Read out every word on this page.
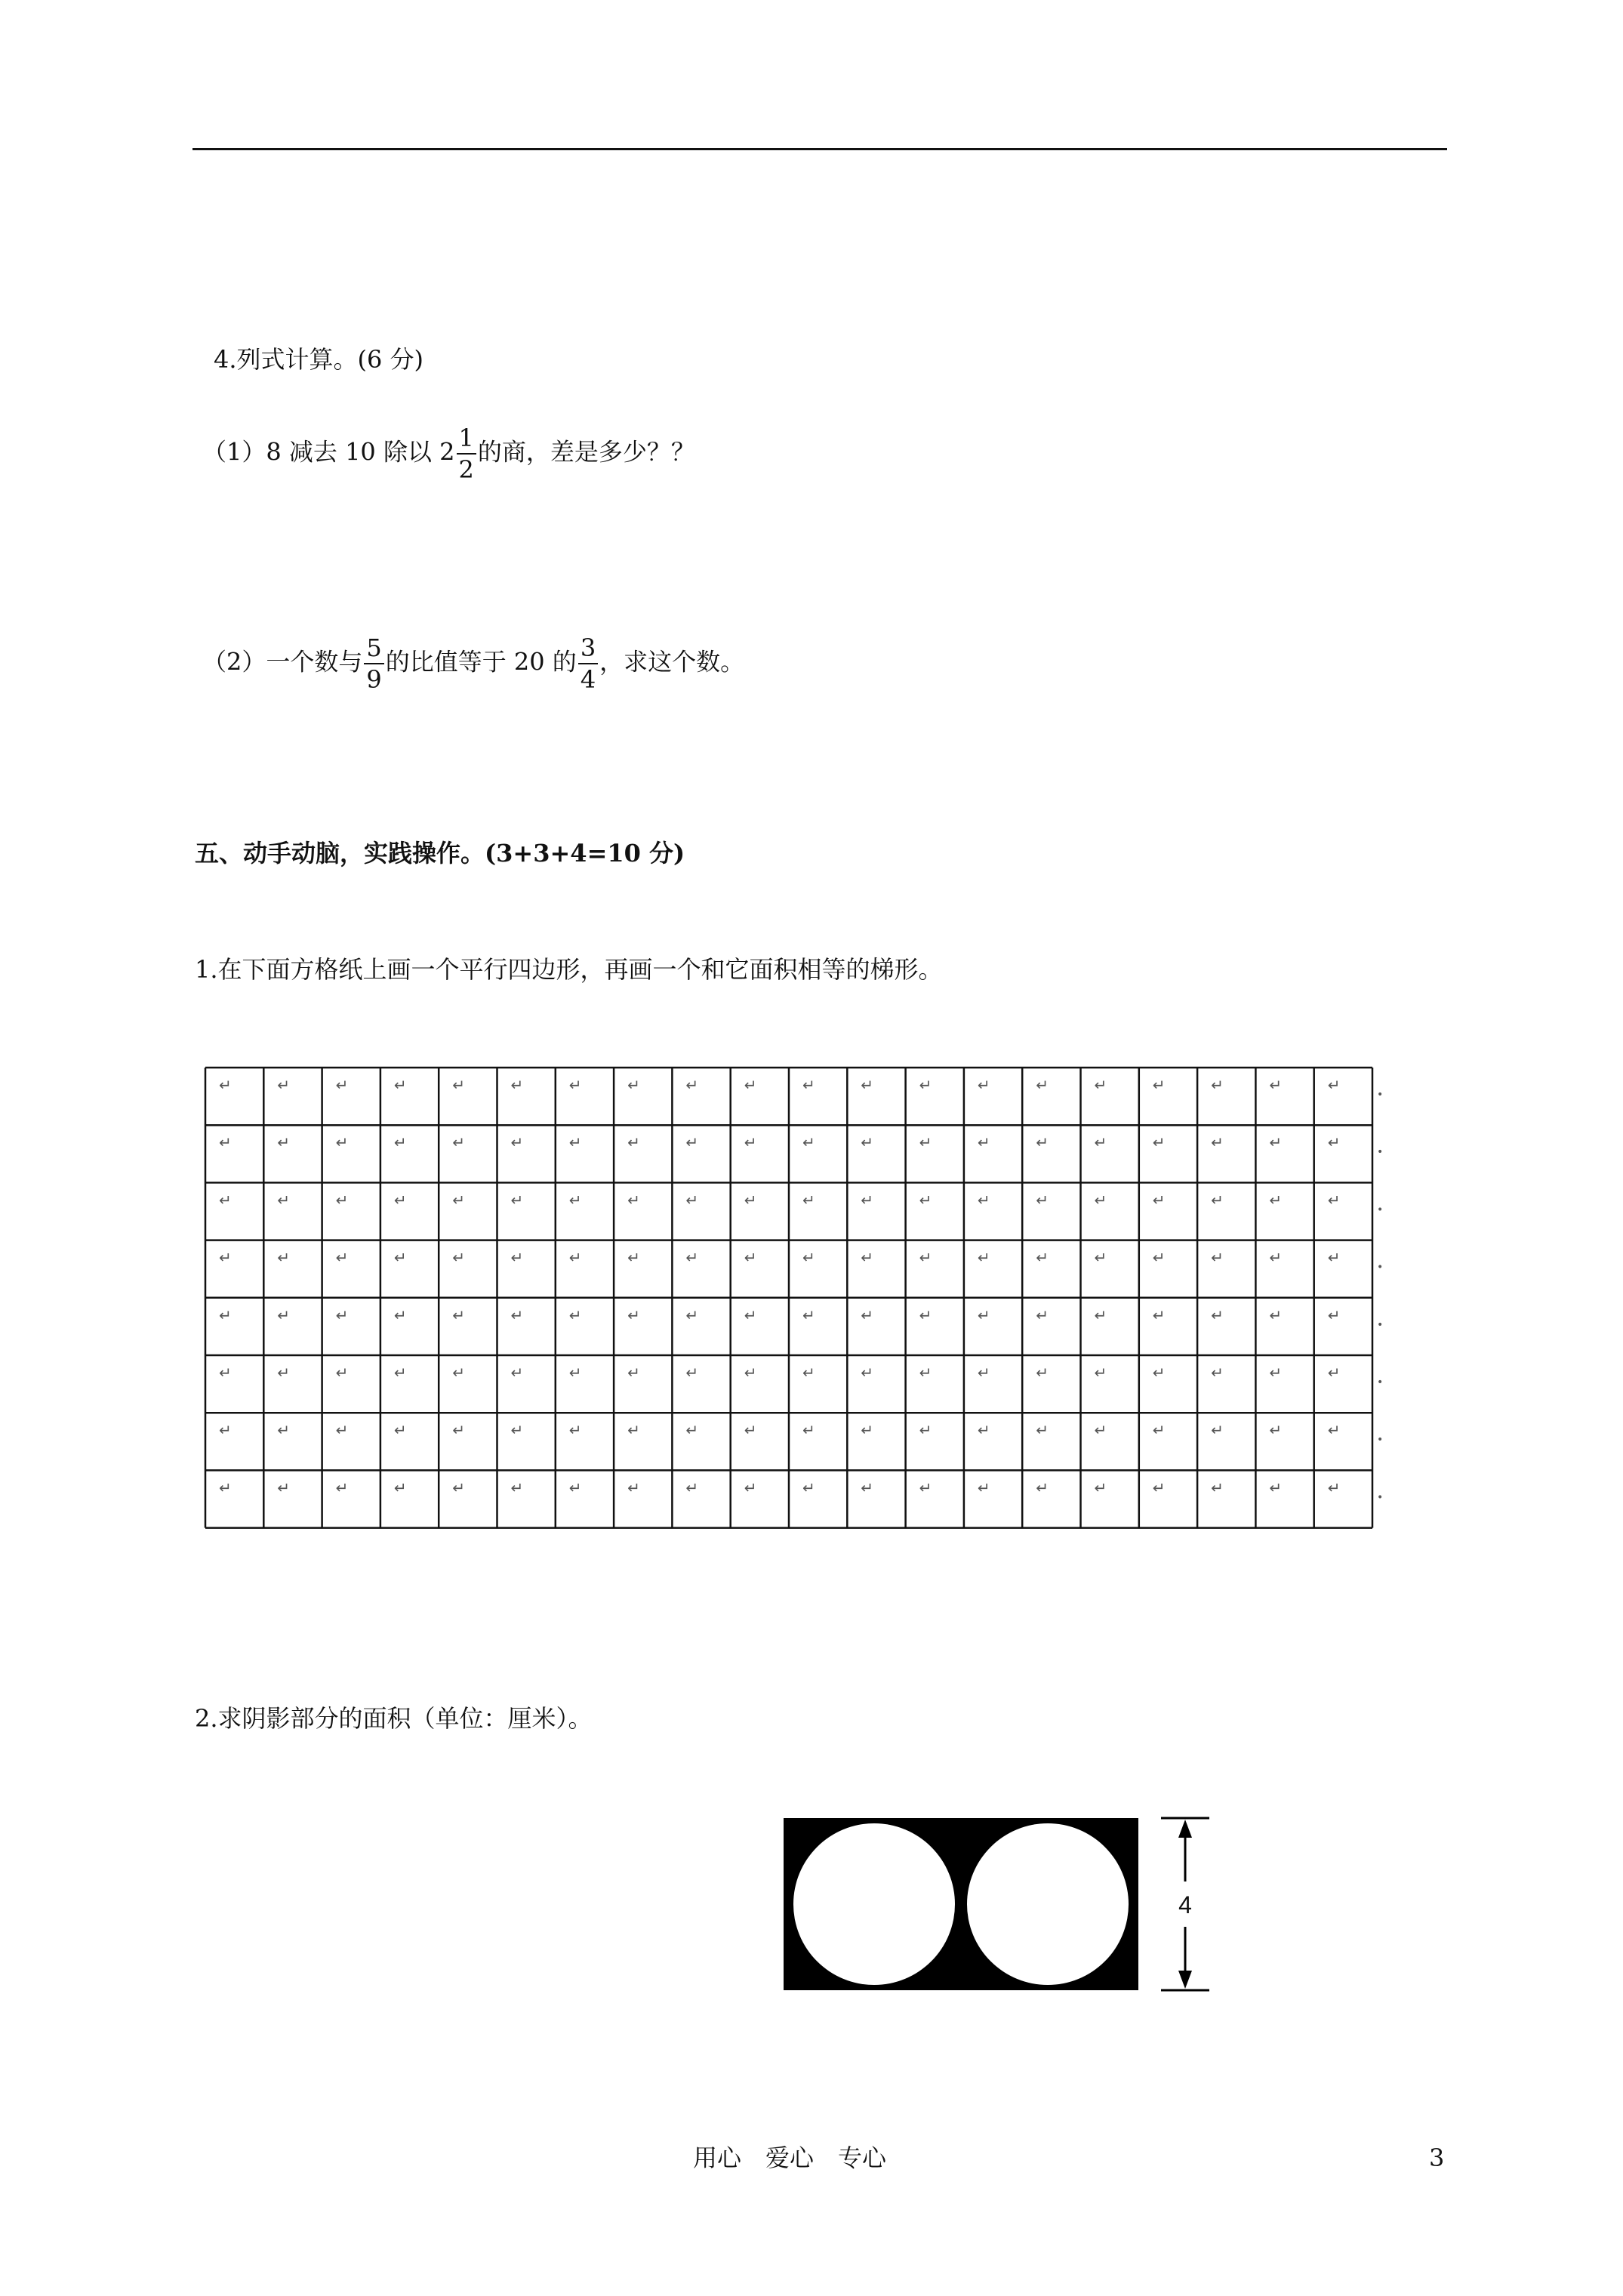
4.列式计算。(6 分)
（1）8 减去 10 除以 $2 \frac{1}{2}$ 的商，差是多少？？
（2）一个数与 $\frac{5}{9}$ 的比值等于 20 的 $\frac{3}{4}$ ，求这个数。
五、动手动脑，实践操作。(3+3+4=10 分)
1.在下面方格纸上画一个平行四边形，再画一个和它面积相等的梯形。
↵	↵	↵	↵	↵	↵	↵	↵	↵	↵	↵	↵	↵	↵	↵	↵	↵	↵	↵	↵
•
↵	↵	↵	↵	↵	↵	↵	↵	↵	↵	↵	↵	↵	↵	↵	↵	↵	↵	↵	↵
•
↵	↵	↵	↵	↵	↵	↵	↵	↵	↵	↵	↵	↵	↵	↵	↵	↵	↵	↵	↵
•
↵	↵	↵	↵	↵	↵	↵	↵	↵	↵	↵	↵	↵	↵	↵	↵	↵	↵	↵	↵
•
↵	↵	↵	↵	↵	↵	↵	↵	↵	↵	↵	↵	↵	↵	↵	↵	↵	↵	↵	↵
•
↵	↵	↵	↵	↵	↵	↵	↵	↵	↵	↵	↵	↵	↵	↵	↵	↵	↵	↵	↵
•
↵	↵	↵	↵	↵	↵	↵	↵	↵	↵	↵	↵	↵	↵	↵	↵	↵	↵	↵	↵
•
↵	↵	↵	↵	↵	↵	↵	↵	↵	↵	↵	↵	↵	↵	↵	↵	↵	↵	↵	↵
•
2.求阴影部分的面积（单位：厘米）。
4
用心　爱心　专心	3
